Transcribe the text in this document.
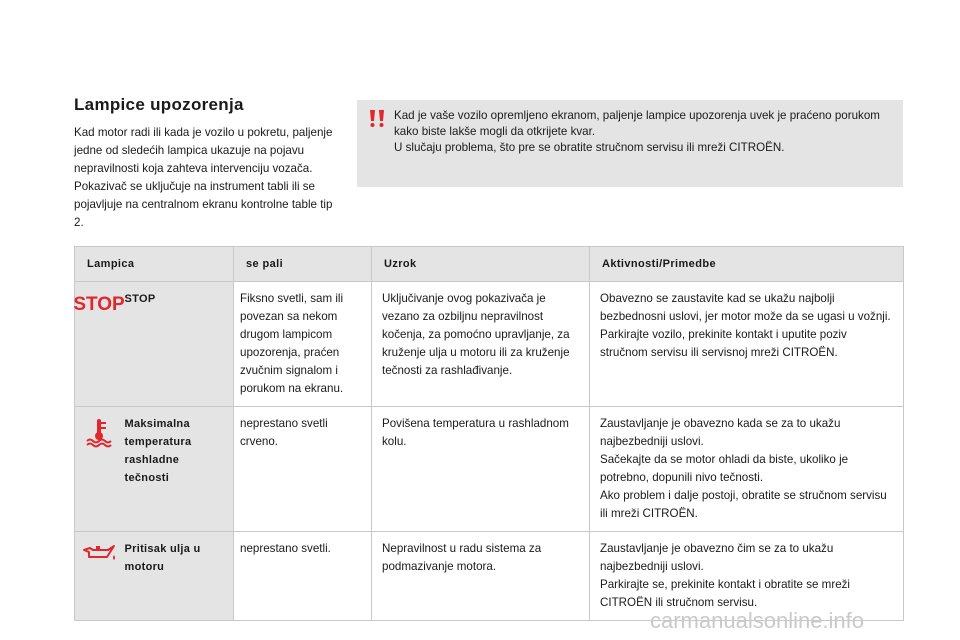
Lampice upozorenja
Kad motor radi ili kada je vozilo u pokretu, paljenje jedne od sledećih lampica ukazuje na pojavu nepravilnosti koja zahteva intervenciju vozača. Pokazivač se uključuje na instrument tabli ili se pojavljuje na centralnom ekranu kontrolne table tip 2.
Kad je vaše vozilo opremljeno ekranom, paljenje lampice upozorenja uvek je praćeno porukom kako biste lakše mogli da otkrijete kvar.
U slučaju problema, što pre se obratite stručnom servisu ili mreži CITROËN.
Lampica		se pali	Uzrok	Aktivnosti/Primedbe

STOP	STOP	Fiksno svetli, sam ili povezan sa nekom drugom lampicom upozorenja, praćen zvučnim signalom i porukom na ekranu.	Uključivanje ovog pokazivača je vezano za ozbiljnu nepravilnost kočenja, za pomoćno upravljanje, za kruženje ulja u motoru ili za kruženje tečnosti za rashlađivanje.	Obavezno se zaustavite kad se ukažu najbolji bezbednosni uslovi, jer motor može da se ugasi u vožnji.
Parkirajte vozilo, prekinite kontakt i uputite poziv stručnom servisu ili servisnoj mreži CITROËN.

	Maksimalna temperatura rashladne tečnosti	neprestano svetli crveno.	Povišena temperatura u rashladnom kolu.	Zaustavljanje je obavezno kada se za to ukažu najbezbedniji uslovi.
Sačekajte da se motor ohladi da biste, ukoliko je potrebno, dopunili nivo tečnosti.
Ako problem i dalje postoji, obratite se stručnom servisu ili mreži CITROËN.

	Pritisak ulja u motoru	neprestano svetli.	Nepravilnost u radu sistema za podmazivanje motora.	Zaustavljanje je obavezno čim se za to ukažu najbezbedniji uslovi.
Parkirajte se, prekinite kontakt i obratite se mreži CITROËN ili stručnom servisu.
carmanualsonline.info
